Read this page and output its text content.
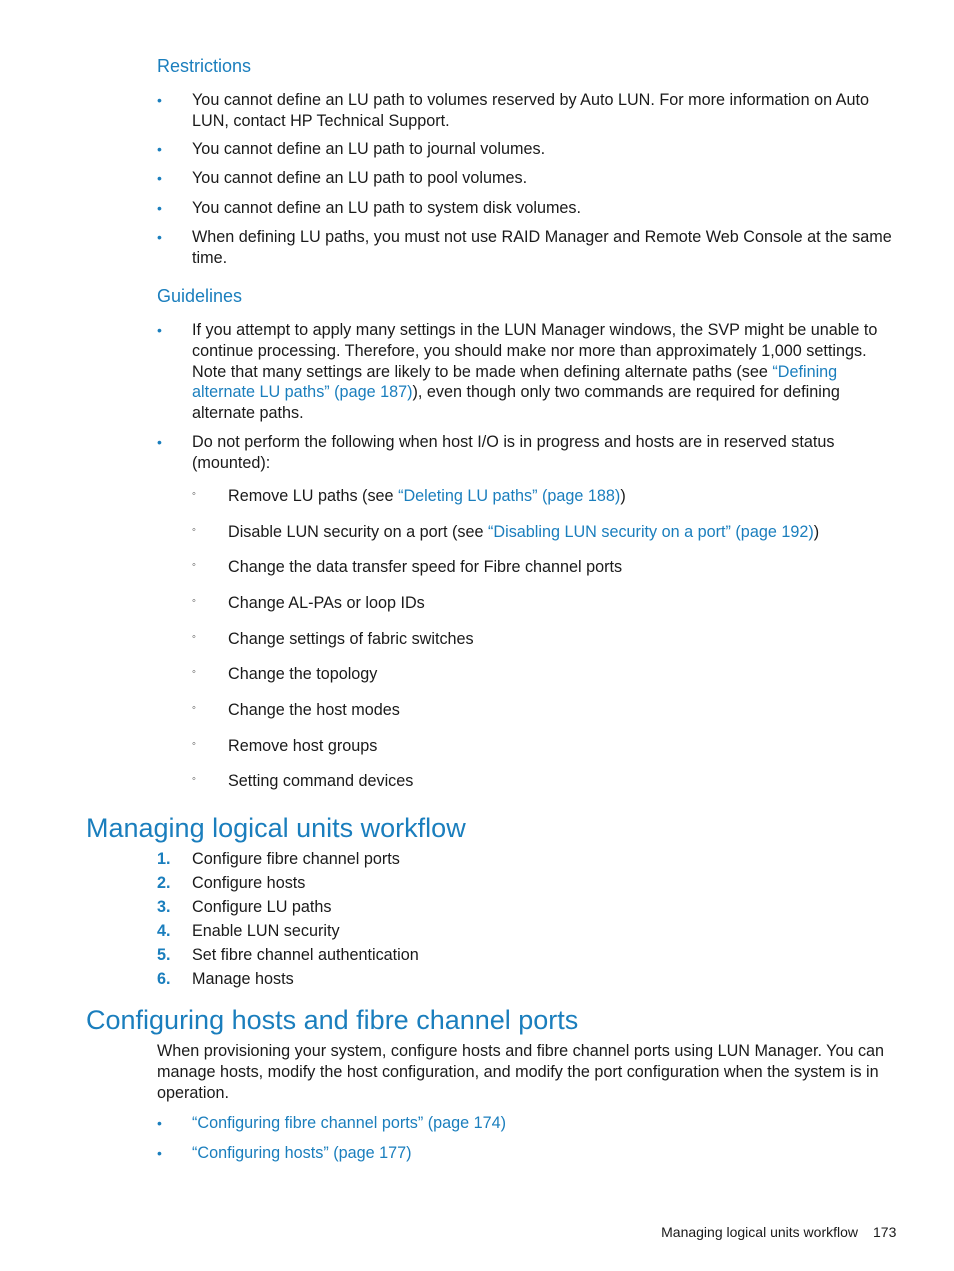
Restrictions
• You cannot define an LU path to volumes reserved by Auto LUN. For more information on Auto LUN, contact HP Technical Support.
• You cannot define an LU path to journal volumes.
• You cannot define an LU path to pool volumes.
• You cannot define an LU path to system disk volumes.
• When defining LU paths, you must not use RAID Manager and Remote Web Console at the same time.
Guidelines
• If you attempt to apply many settings in the LUN Manager windows, the SVP might be unable to continue processing. Therefore, you should make nor more than approximately 1,000 settings. Note that many settings are likely to be made when defining alternate paths (see “Defining alternate LU paths” (page 187)), even though only two commands are required for defining alternate paths.
• Do not perform the following when host I/O is in progress and hosts are in reserved status (mounted):
◦ Remove LU paths (see “Deleting LU paths” (page 188))
◦ Disable LUN security on a port (see “Disabling LUN security on a port” (page 192))
◦ Change the data transfer speed for Fibre channel ports
◦ Change AL-PAs or loop IDs
◦ Change settings of fabric switches
◦ Change the topology
◦ Change the host modes
◦ Remove host groups
◦ Setting command devices
Managing logical units workflow
1. Configure fibre channel ports
2. Configure hosts
3. Configure LU paths
4. Enable LUN security
5. Set fibre channel authentication
6. Manage hosts
Configuring hosts and fibre channel ports
When provisioning your system, configure hosts and fibre channel ports using LUN Manager. You can manage hosts, modify the host configuration, and modify the port configuration when the system is in operation.
• “Configuring fibre channel ports” (page 174)
• “Configuring hosts” (page 177)
Managing logical units workflow 173
